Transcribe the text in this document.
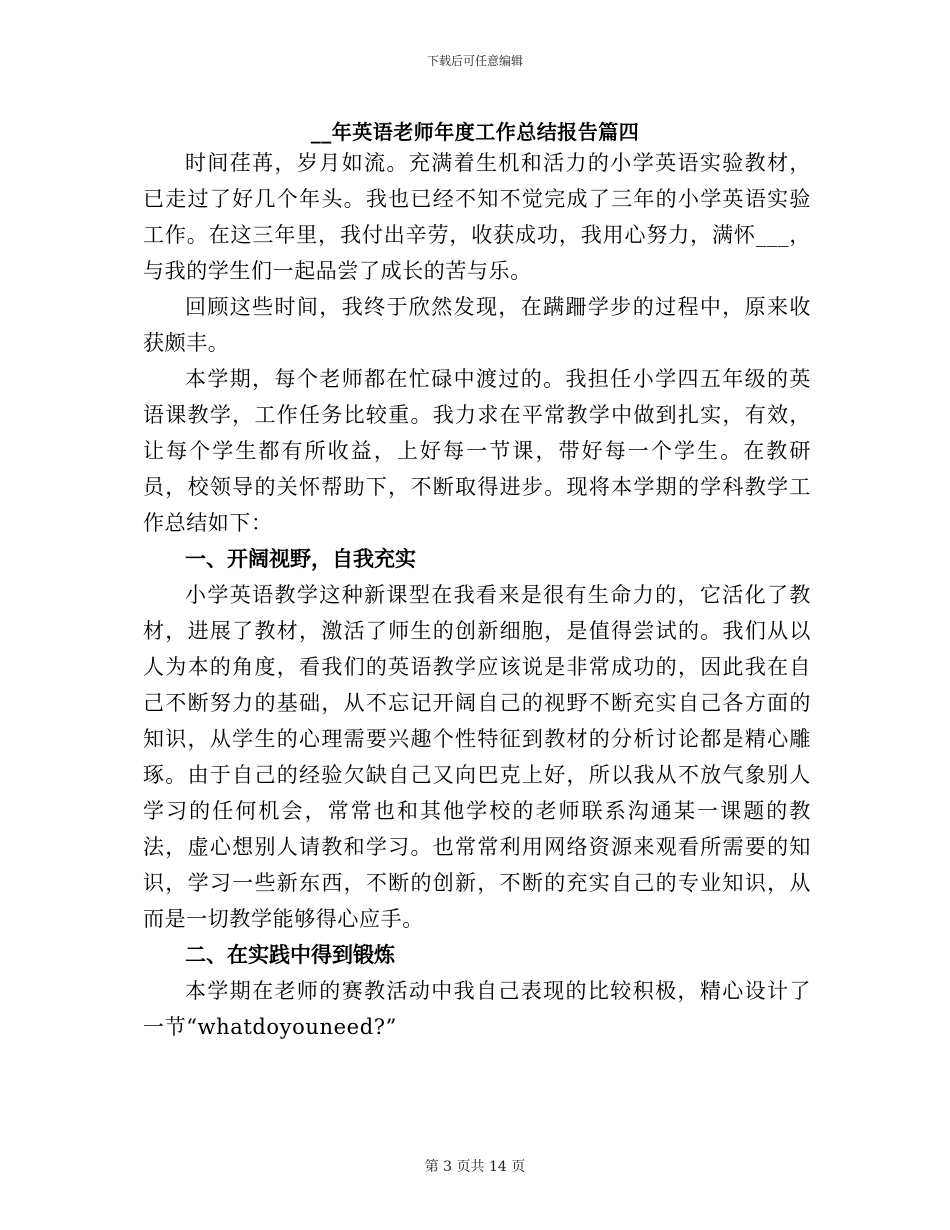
下载后可任意编辑
__年英语老师年度工作总结报告篇四

时间荏苒，岁月如流。充满着生机和活力的小学英语实验教材，已走过了好几个年头。我也已经不知不觉完成了三年的小学英语实验工作。在这三年里，我付出辛劳，收获成功，我用心努力，满怀___，与我的学生们一起品尝了成长的苦与乐。

回顾这些时间，我终于欣然发现，在蹒跚学步的过程中，原来收获颇丰。

本学期，每个老师都在忙碌中渡过的。我担任小学四五年级的英语课教学，工作任务比较重。我力求在平常教学中做到扎实，有效，让每个学生都有所收益，上好每一节课，带好每一个学生。在教研员，校领导的关怀帮助下，不断取得进步。现将本学期的学科教学工作总结如下：

一、开阔视野，自我充实

小学英语教学这种新课型在我看来是很有生命力的，它活化了教材，进展了教材，激活了师生的创新细胞，是值得尝试的。我们从以人为本的角度，看我们的英语教学应该说是非常成功的，因此我在自己不断努力的基础，从不忘记开阔自己的视野不断充实自己各方面的知识，从学生的心理需要兴趣个性特征到教材的分析讨论都是精心雕琢。由于自己的经验欠缺自己又向巴克上好，所以我从不放气象别人学习的任何机会，常常也和其他学校的老师联系沟通某一课题的教法，虚心想别人请教和学习。也常常利用网络资源来观看所需要的知识，学习一些新东西，不断的创新，不断的充实自己的专业知识，从而是一切教学能够得心应手。

二、在实践中得到锻炼

本学期在老师的赛教活动中我自己表现的比较积极，精心设计了一节“whatdoyouneed?”

第 3 页共 14 页
